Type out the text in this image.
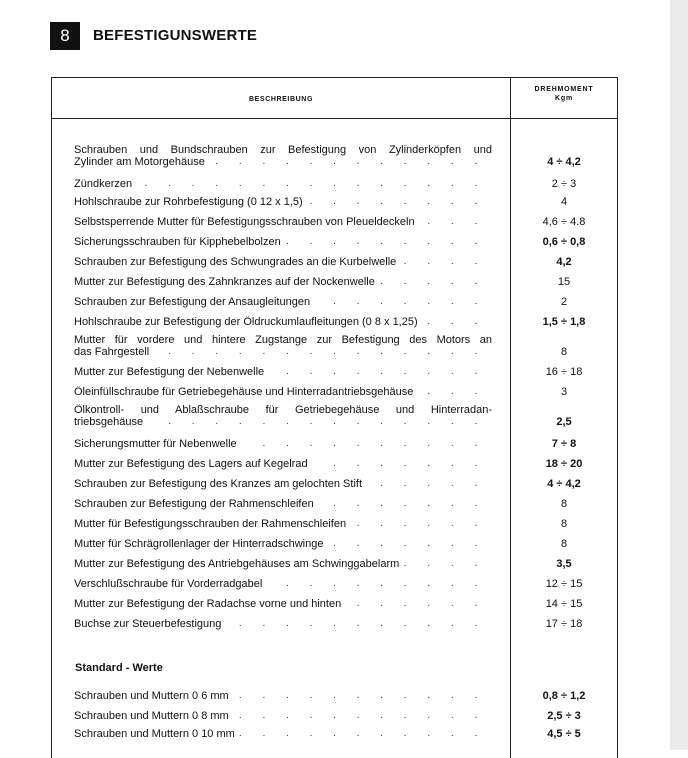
8 BEFESTIGUNSWERTE
BESCHREIBUNG
DREHMOMENT
Kgm
Schrauben und Bundschrauben zur Befestigung von Zylinderköpfen und
Zylinder am Motorgehäuse . . .	4 ÷ 4,2
Zündkerzen . . .	2 ÷ 3
Hohlschraube zur Rohrbefestigung (0 12 x 1,5) . . .	4
Selbstsperrende Mutter für Befestigungsschrauben von Pleueldeckeln . . .	4,6 ÷ 4.8
Sicherungsschrauben für Kipphebelbolzen . . .	0,6 ÷ 0,8
Schrauben zur Befestigung des Schwungrades an die Kurbelwelle . . .	4,2
Mutter zur Befestigung des Zahnkranzes auf der Nockenwelle . . .	15
Schrauben zur Befestigung der Ansaugleitungen . . .	2
Hohlschraube zur Befestigung der Öldruckumlaufleitungen (0 8 x 1,25) . . .	1,5 ÷ 1,8
Mutter für vordere und hintere Zugstange zur Befestigung des Motors an
das Fahrgestell . . .	8
Mutter zur Befestigung der Nebenwelle . . .	16 ÷ 18
Öleinfüllschraube für Getriebegehäuse und Hinterradantriebsgehäuse . . .	3
Ölkontroll- und Ablaßschraube für Getriebegehäuse und Hinterradan-
triebsgehäuse . . .	2,5
Sicherungsmutter für Nebenwelle . . .	7 ÷ 8
Mutter zur Befestigung des Lagers auf Kegelrad . . .	18 ÷ 20
Schrauben zur Befestigung des Kranzes am gelochten Stift . . .	4 ÷ 4,2
Schrauben zur Befestigung der Rahmenschleifen . . .	8
Mutter für Befestigungsschrauben der Rahmenschleifen . . .	8
Mutter für Schrägrollenlager der Hinterradschwinge . . .	8
Mutter zur Befestigung des Antriebgehäuses am Schwinggabelarm . . .	3,5
Verschlußschraube für Vorderradgabel . . .	12 ÷ 15
Mutter zur Befestigung der Radachse vorne und hinten . . .	14 ÷ 15
Buchse zur Steuerbefestigung . . .	17 ÷ 18
Standard - Werte
Schrauben und Muttern 0 6 mm . . .	0,8 ÷ 1,2
Schrauben und Muttern 0 8 mm . . .	2,5 ÷ 3
Schrauben und Muttern 0 10 mm . . .	4,5 ÷ 5
